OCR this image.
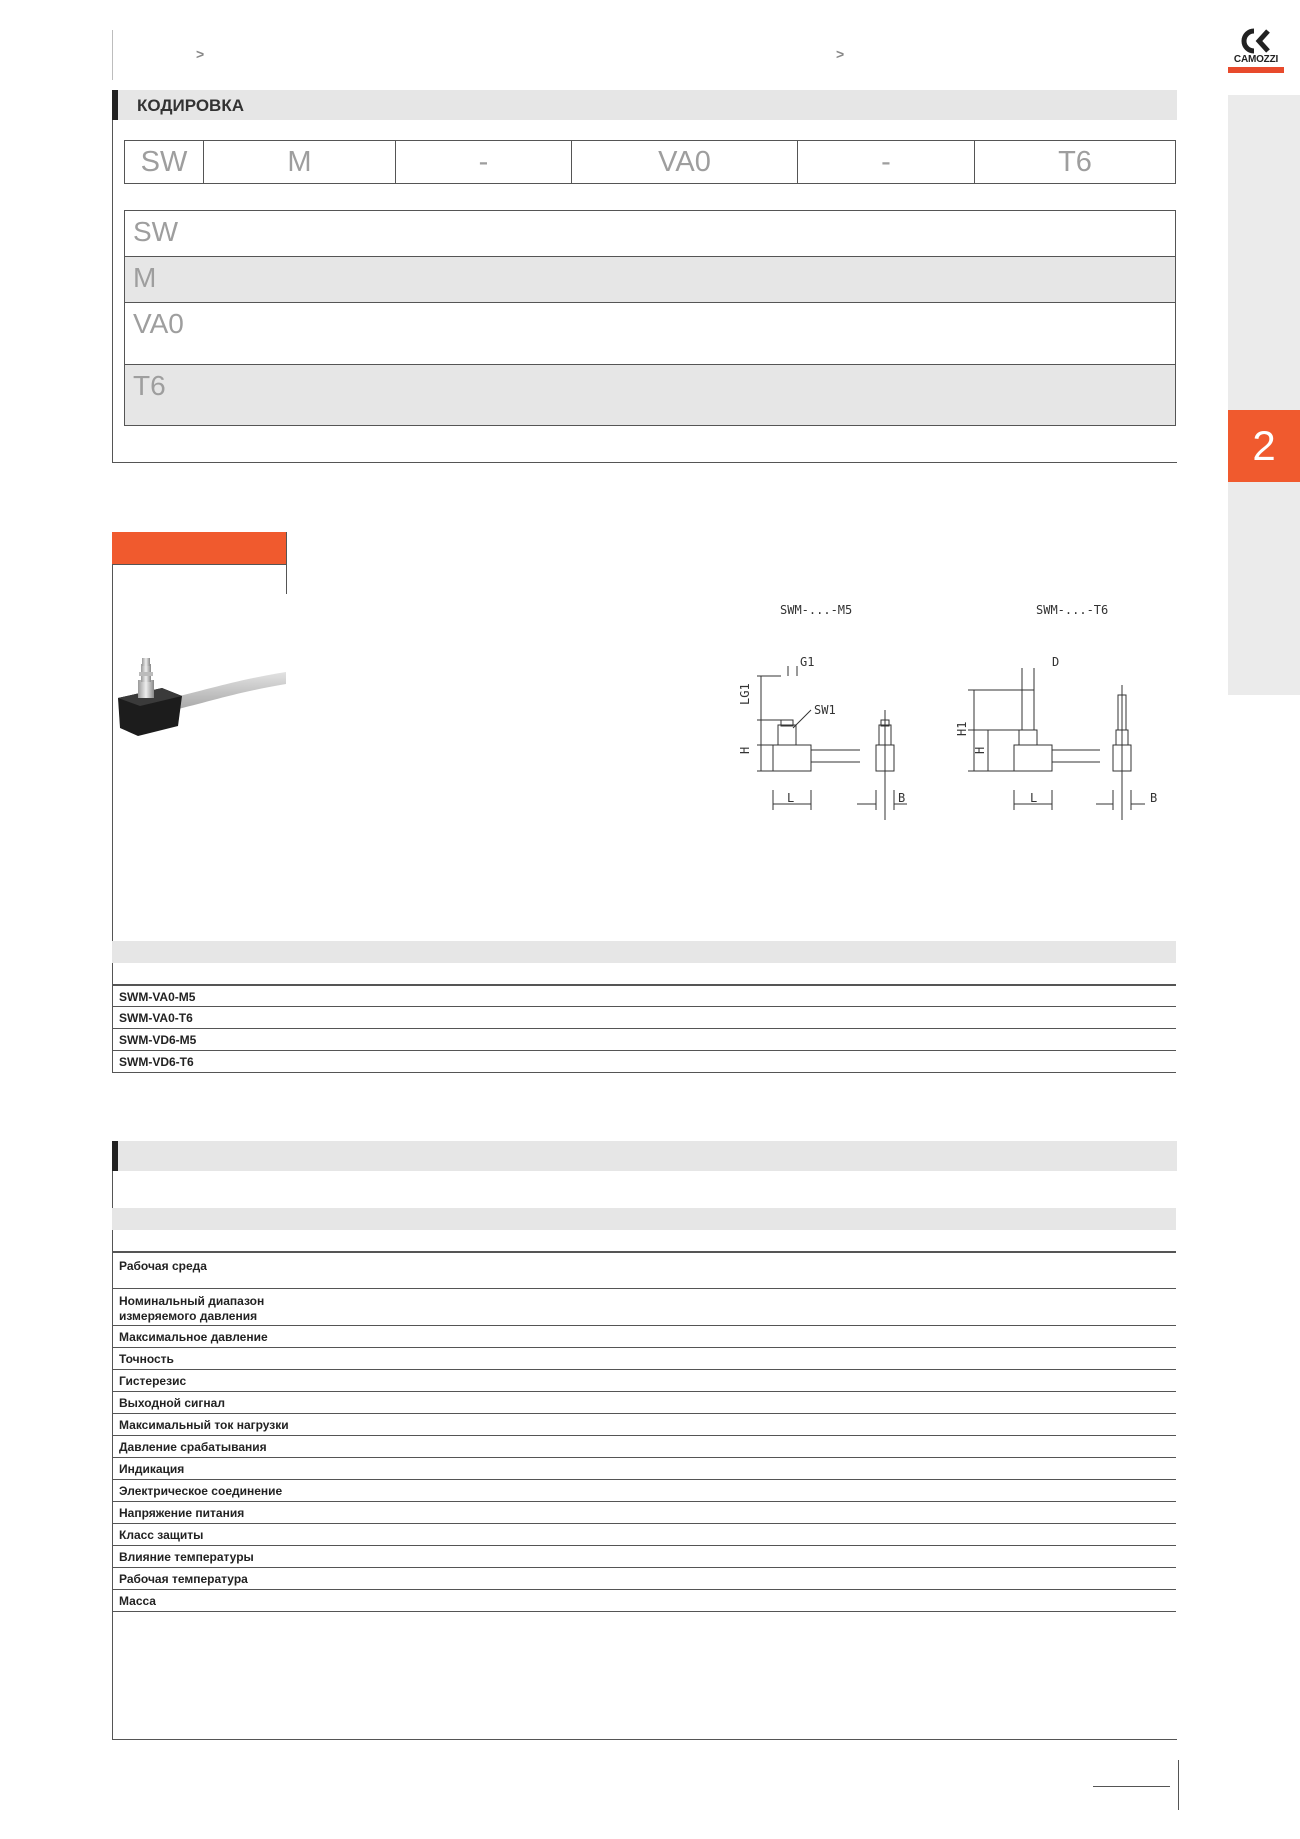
>	>	CAMOZZI
2
КОДИРОВКА
SW	M	-	VA0	-	T6
SW
M
VA0
T6
SWM-...-M5
G1
LG1
SW1
H
L	B
SWM-...-T6
D
H1
H
L	B
SWM-VA0-M5
SWM-VA0-T6
SWM-VD6-M5
SWM-VD6-T6
Рабочая среда
Номинальный диапазон измеряемого давления
Максимальное давление
Точность
Гистерезис
Выходной сигнал
Максимальный ток нагрузки
Давление срабатывания
Индикация
Электрическое соединение
Напряжение питания
Класс защиты
Влияние температуры
Рабочая температура
Масса
